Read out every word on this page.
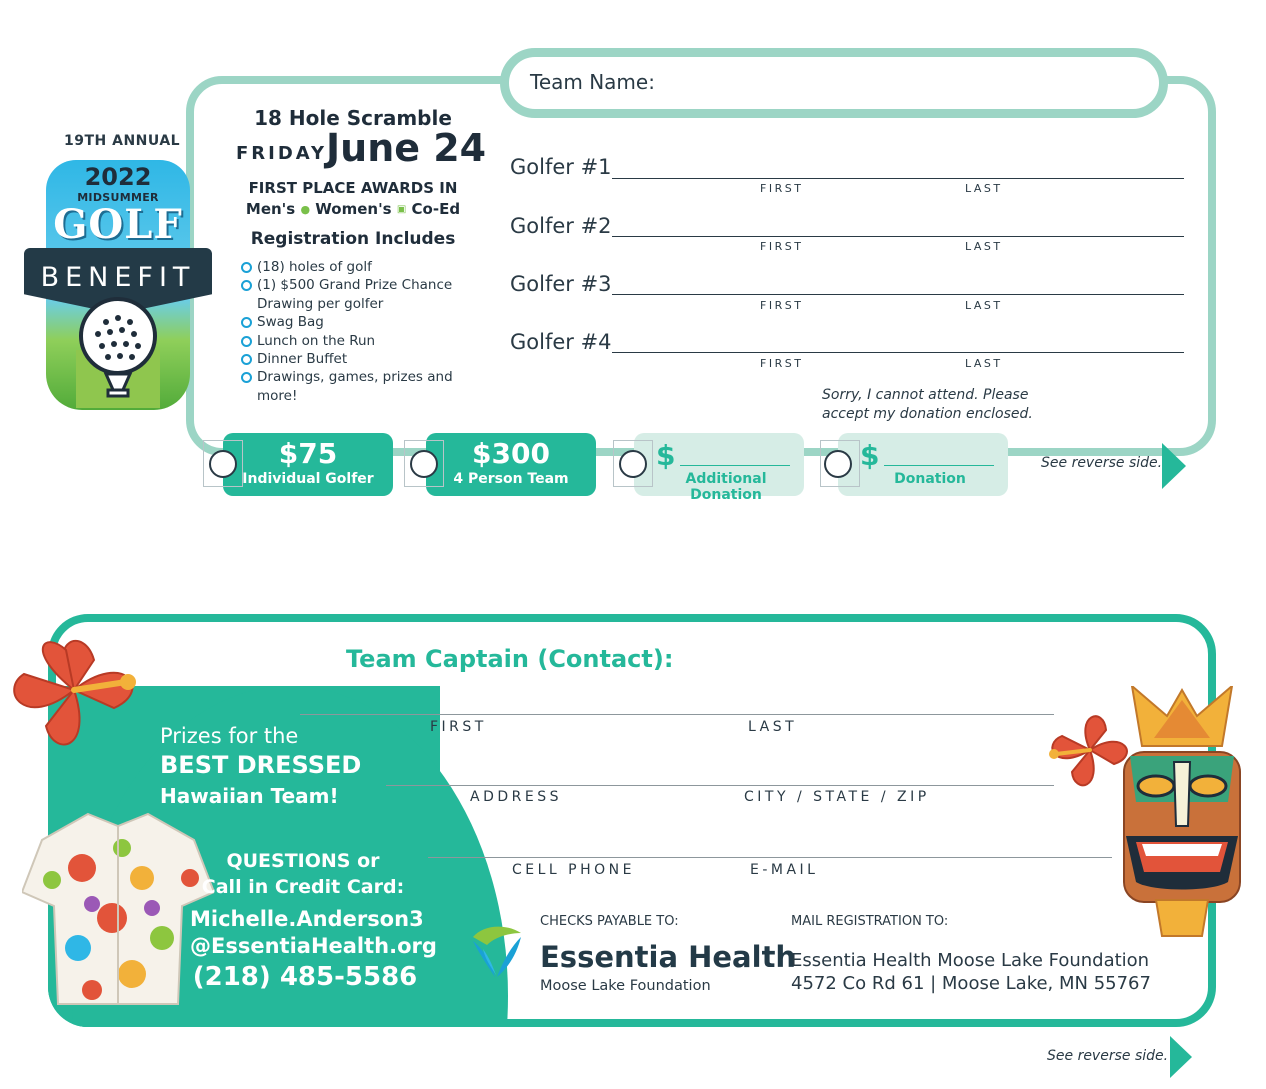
Team Name:
19TH ANNUAL
2022
MIDSUMMER
GOLF
BENEFIT
18 Hole Scramble
FRIDAY
June 24
FIRST PLACE AWARDS IN
Men's ● Women's ▣ Co-Ed
Registration Includes
(18) holes of golf
(1) $500 Grand Prize Chance Drawing per golfer
Swag Bag
Lunch on the Run
Dinner Buffet
Drawings, games, prizes and more!
Golfer #1
FIRST	LAST
Golfer #2
FIRST	LAST
Golfer #3
FIRST	LAST
Golfer #4
FIRST	LAST
Sorry, I cannot attend. Please
accept my donation enclosed.
$75
Individual Golfer
$300
4 Person Team
$
Additional Donation
$
Donation
See reverse side.
Prizes for the
BEST DRESSED
Hawaiian Team!
QUESTIONS or
Call in Credit Card:
Michelle.Anderson3
@EssentiaHealth.org
(218) 485-5586
Team Captain (Contact):
FIRST	LAST
ADDRESS	CITY / STATE / ZIP
CELL PHONE	E-MAIL
CHECKS PAYABLE TO:	MAIL REGISTRATION TO:
Essentia Health
Moose Lake Foundation
Essentia Health Moose Lake Foundation
4572 Co Rd 61 | Moose Lake, MN 55767
See reverse side.
